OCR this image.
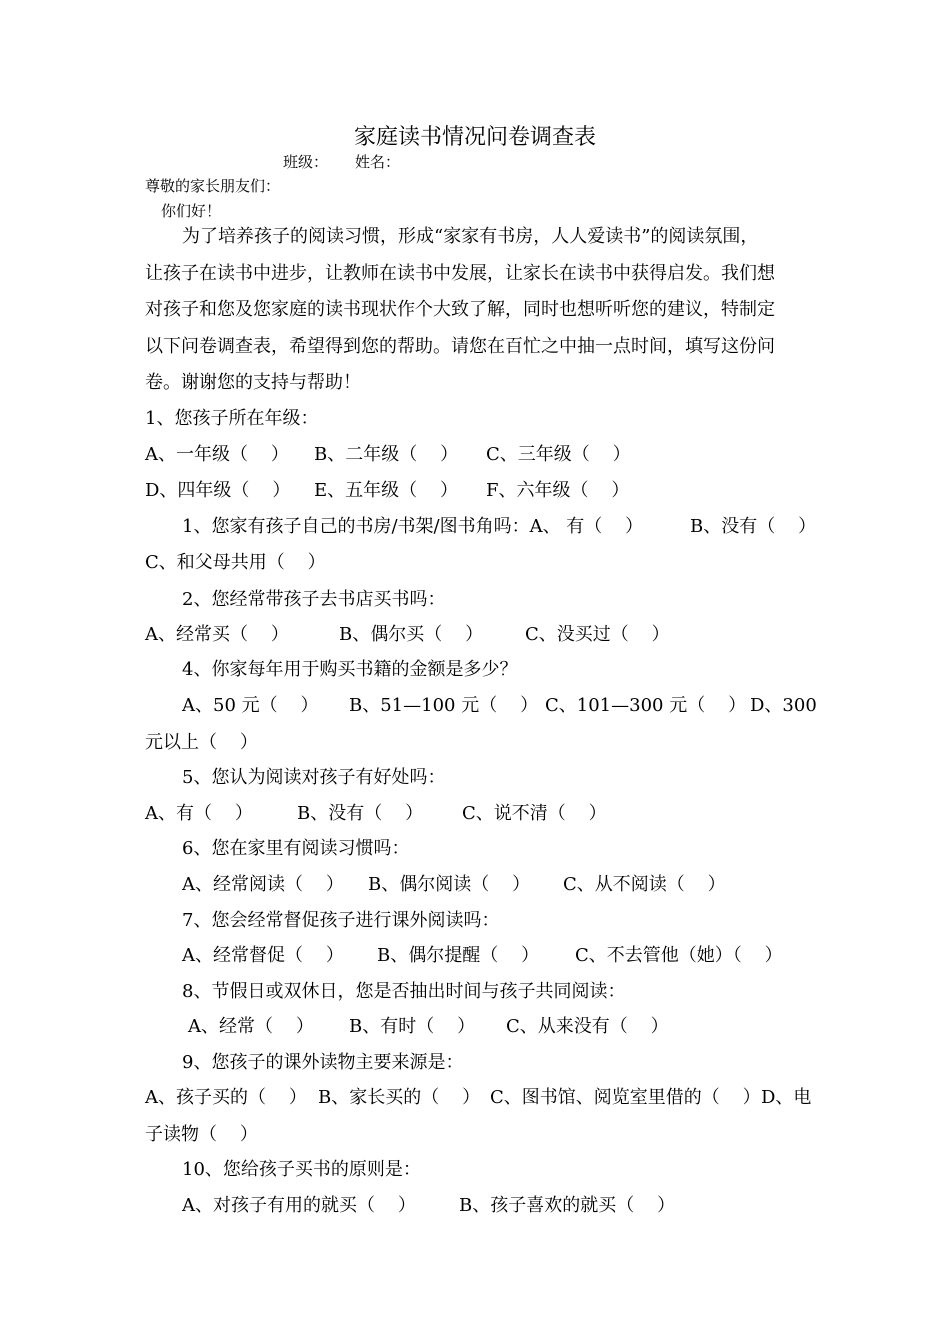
家庭读书情况问卷调查表
班级： 姓名：
尊敬的家长朋友们：
你们好！
为了培养孩子的阅读习惯，形成“家家有书房，人人爱读书”的阅读氛围，
让孩子在读书中进步，让教师在读书中发展，让家长在读书中获得启发。我们想
对孩子和您及您家庭的读书现状作个大致了解，同时也想听听您的建议，特制定
以下问卷调查表，希望得到您的帮助。请您在百忙之中抽一点时间，填写这份问
卷。谢谢您的支持与帮助！
1、您孩子所在年级：
A、一年级（    ） B、二年级（    ） C、三年级（    ）
D、四年级（    ） E、五年级（    ） F、六年级（    ）
1、您家有孩子自己的书房/书架/图书角吗：A、 有（    ）	B、没有（    ）
C、和父母共用（    ）
2、您经常带孩子去书店买书吗：
A、经常买（    ）	B、偶尔买（    ） C、没买过（    ）
4、你家每年用于购买书籍的金额是多少？
A、50 元（    ） B、51—100 元（    ） C、101—300 元（    ） D、300
元以上（    ）
5、您认为阅读对孩子有好处吗：
A、有（    ） B、没有（    ） C、说不清（    ）
6、您在家里有阅读习惯吗：
A、经常阅读（    ） B、偶尔阅读（    ） C、从不阅读（    ）
7、您会经常督促孩子进行课外阅读吗：
A、经常督促（    ） B、偶尔提醒（    ） C、不去管他（她）（    ）
8、节假日或双休日，您是否抽出时间与孩子共同阅读：
A、经常（    ） B、有时（    ） C、从来没有（    ）
9、您孩子的课外读物主要来源是：
A、孩子买的（    ） B、家长买的（    ） C、图书馆、阅览室里借的（    ） D、电
子读物（    ）
10、您给孩子买书的原则是：
A、对孩子有用的就买（    ） B、孩子喜欢的就买（    ）
